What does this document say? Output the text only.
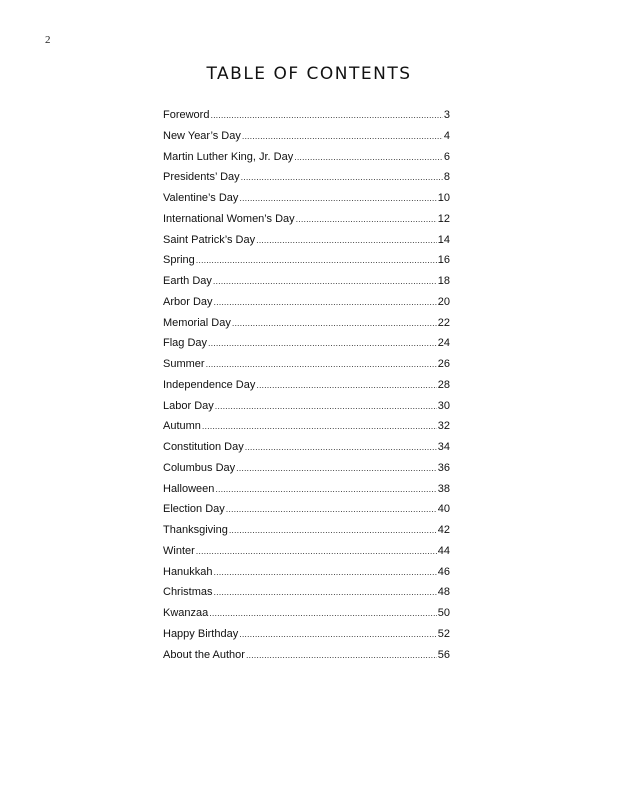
2
TABLE OF CONTENTS
Foreword . . .	3
New Year’s Day . . .	4
Martin Luther King, Jr. Day . . .	6
Presidents’ Day . . .	8
Valentine’s Day . . .	10
International Women’s Day . . .	12
Saint Patrick’s Day . . .	14
Spring . . .	16
Earth Day . . .	18
Arbor Day . . .	20
Memorial Day . . .	22
Flag Day . . .	24
Summer . . .	26
Independence Day . . .	28
Labor Day . . .	30
Autumn . . .	32
Constitution Day . . .	34
Columbus Day . . .	36
Halloween . . .	38
Election Day . . .	40
Thanksgiving . . .	42
Winter . . .	44
Hanukkah . . .	46
Christmas . . .	48
Kwanzaa . . .	50
Happy Birthday . . .	52
About the Author . . .	56
